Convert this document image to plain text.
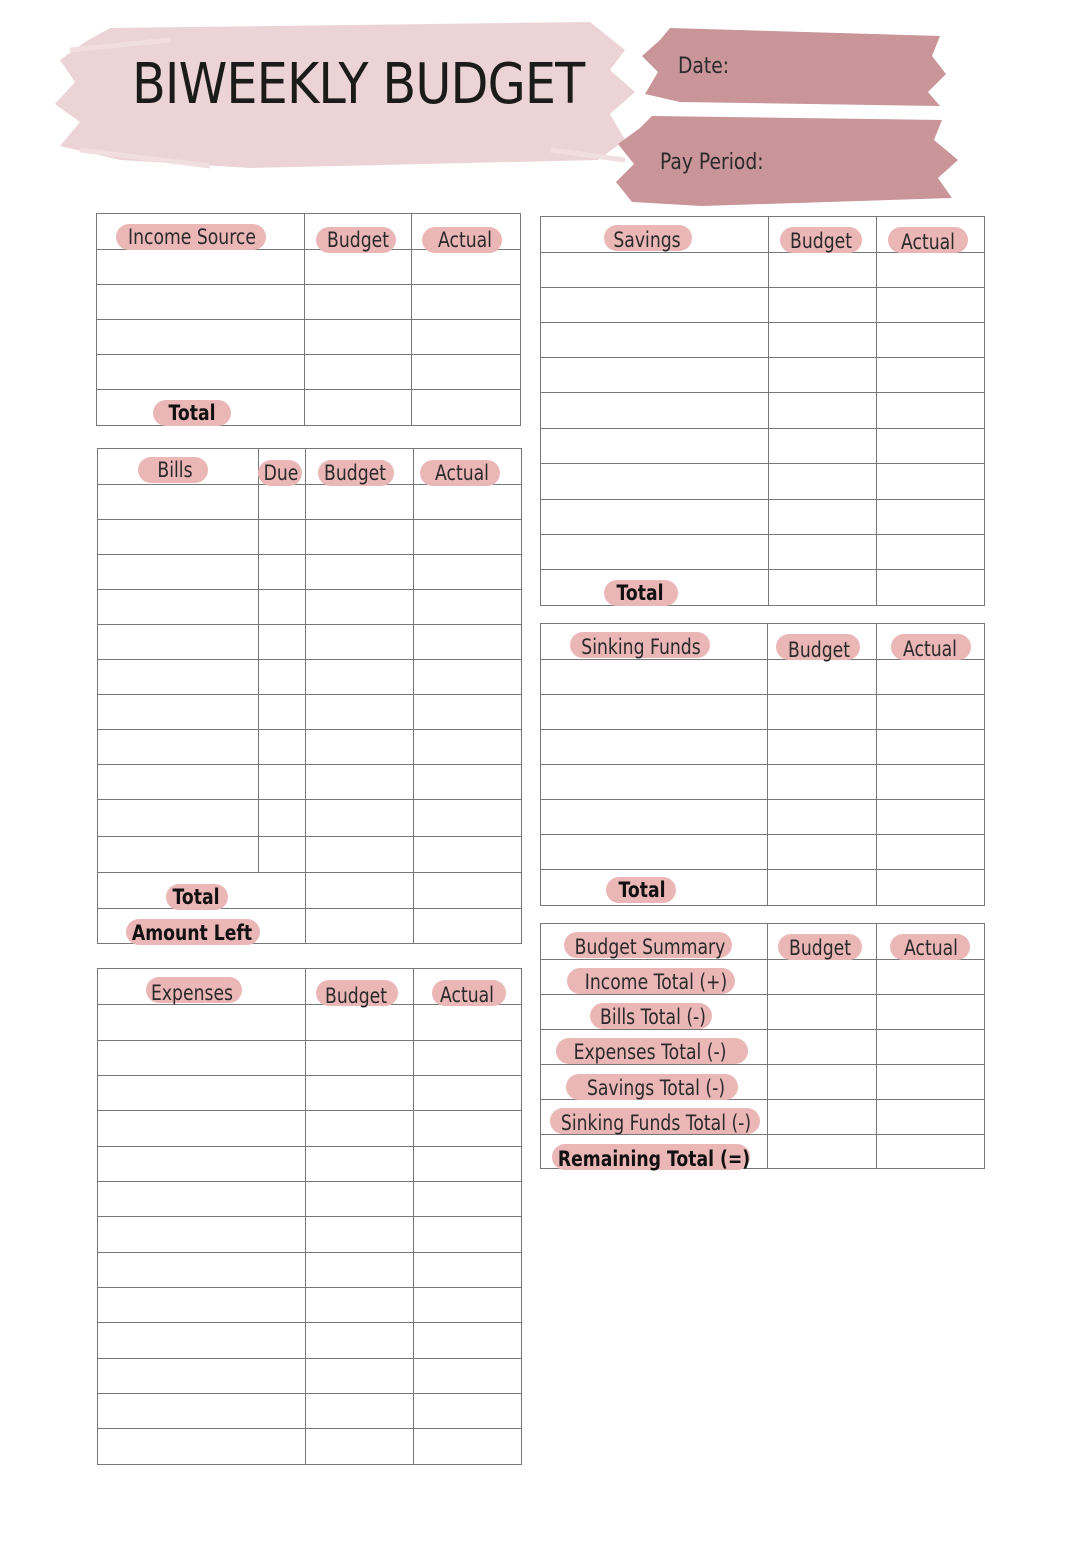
BIWEEKLY BUDGET	Date:
Pay Period:
Income Source	Budget Actual
Total
Bills	Due Budget Actual
Total
Amount Left
Expenses	Budget	Actual
Savings	Budget Actual
Total
Sinking Funds	Budget	Actual
Total
Budget Summary	Budget	Actual
Income Total (+)
Bills Total (-)
Expenses Total (-)
Savings Total (-)
Sinking Funds Total (-)
Remaining Total (=)
